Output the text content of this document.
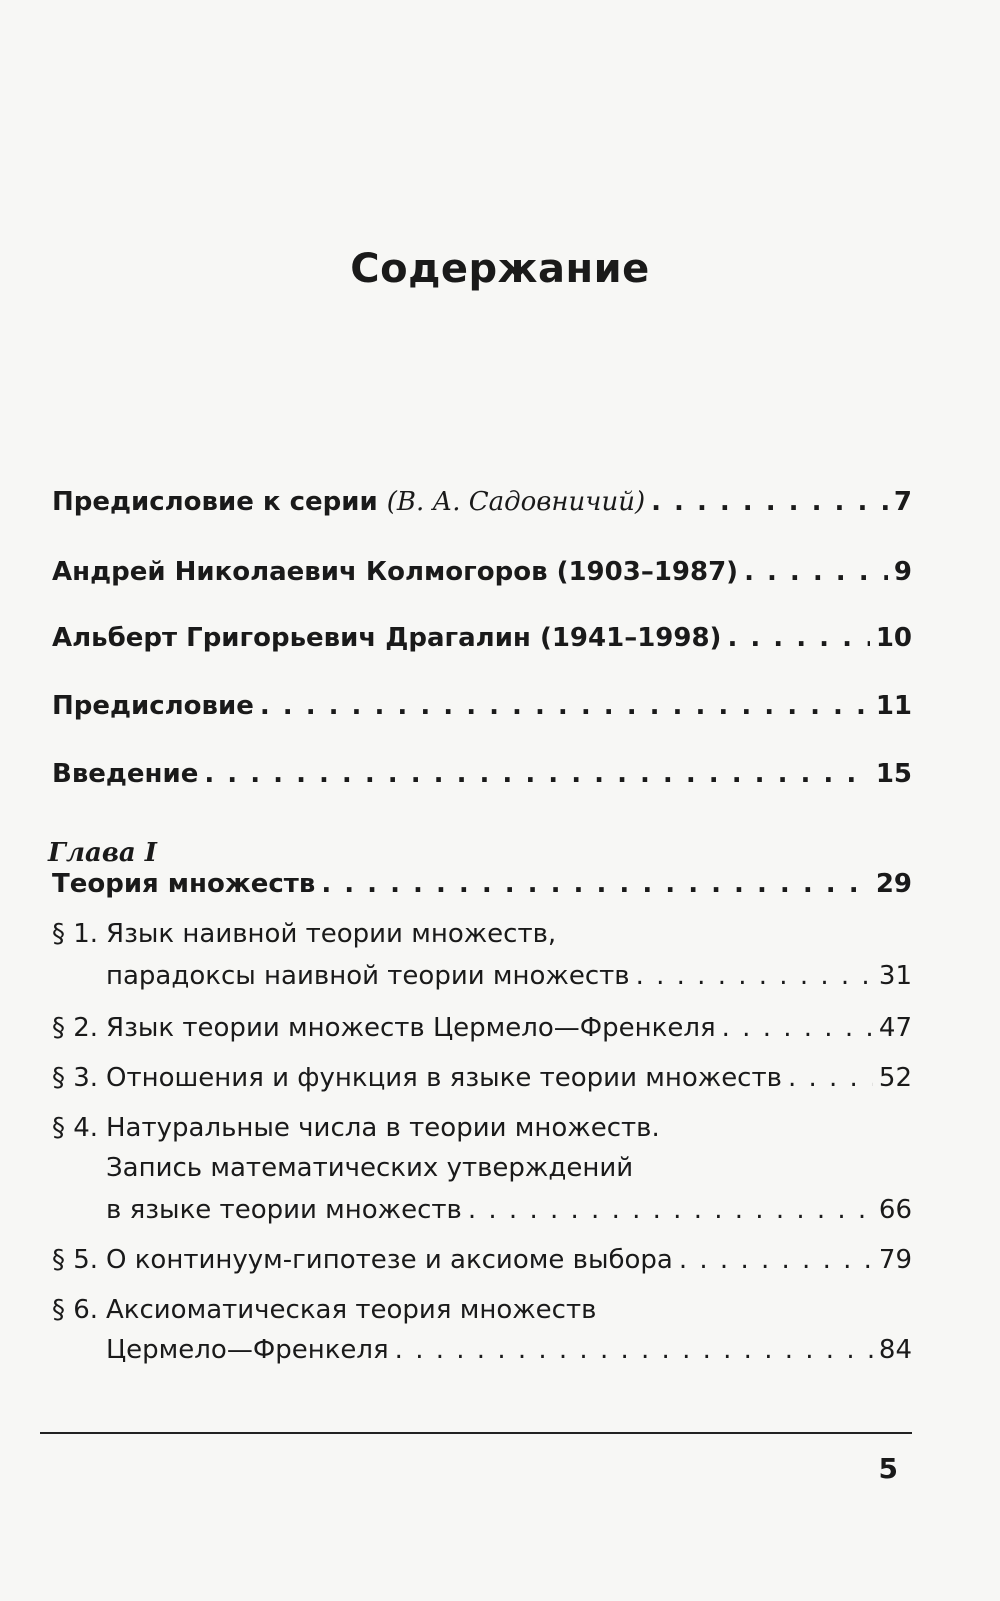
Содержание
Предисловие к серии (В. А. Садовничий) . . .	7
Андрей Николаевич Колмогоров (1903–1987) . . .	9
Альберт Григорьевич Драгалин (1941–1998) . . .	10
Предисловие . . .	11
Введение . . .	15
Глава I
Теория множеств . . .	29
§ 1. Язык наивной теории множеств,
парадоксы наивной теории множеств . . .	31
§ 2. Язык теории множеств Цермело—Френкеля . . .	47
§ 3. Отношения и функция в языке теории множеств . . .	52
§ 4. Натуральные числа в теории множеств.
Запись математических утверждений
в языке теории множеств . . .	66
§ 5. О континуум-гипотезе и аксиоме выбора . . .	79
§ 6. Аксиоматическая теория множеств
Цермело—Френкеля . . .	84
5
